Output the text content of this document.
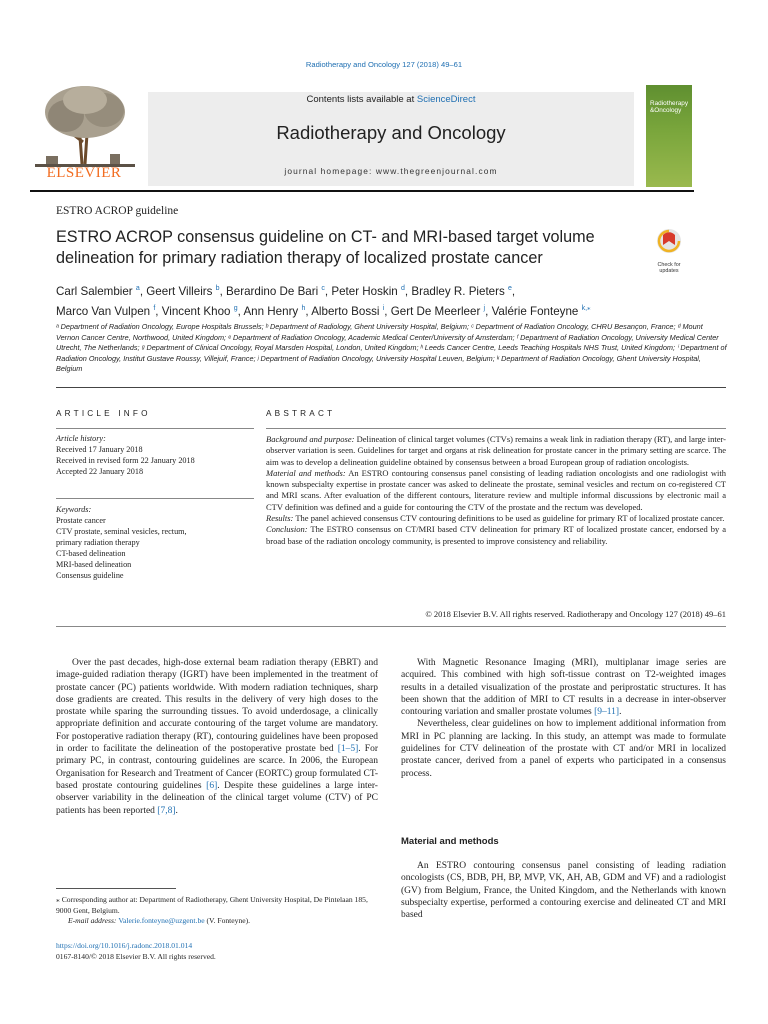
Radiotherapy and Oncology 127 (2018) 49–61
ELSEVIER
Contents lists available at ScienceDirect
Radiotherapy and Oncology
journal homepage: www.thegreenjournal.com
Radiotherapy
&Oncology
ESTRO ACROP guideline
ESTRO ACROP consensus guideline on CT- and MRI-based target volume
delineation for primary radiation therapy of localized prostate cancer	Check for updates
Carl Salembier $^a$, Geert Villeirs $^b$, Berardino De Bari $^c$, Peter Hoskin $^d$, Bradley R. Pieters $^e$,
Marco Van Vulpen $^f$, Vincent Khoo $^g$, Ann Henry $^h$, Alberto Bossi $^i$, Gert De Meerleer $^j$, Valérie Fonteyne $^{k,⁎}$
ᵃ Department of Radiation Oncology, Europe Hospitals Brussels; ᵇ Department of Radiology, Ghent University Hospital, Belgium; ᶜ Department of Radiation Oncology, CHRU Besançon, France; ᵈ Mount Vernon Cancer Centre, Northwood, United Kingdom; ᵉ Department of Radiation Oncology, Academic Medical Center/University of Amsterdam; ᶠ Department of Radiation Oncology, University Medical Center Utrecht, The Netherlands; ᵍ Department of Clinical Oncology, Royal Marsden Hospital, London, United Kingdom; ʰ Leeds Cancer Centre, Leeds Teaching Hospitals NHS Trust, United Kingdom; ⁱ Department of Radiation Oncology, Institut Gustave Roussy, Villejuif, France; ʲ Department of Radiation Oncology, University Hospital Leuven, Belgium; ᵏ Department of Radiation Oncology, Ghent University Hospital, Belgium
ARTICLE INFO
Article history:
Received 17 January 2018
Received in revised form 22 January 2018
Accepted 22 January 2018
Keywords:
Prostate cancer
CTV prostate, seminal vesicles, rectum,
primary radiation therapy
CT-based delineation
MRI-based delineation
Consensus guideline
ABSTRACT
Background and purpose: Delineation of clinical target volumes (CTVs) remains a weak link in radiation therapy (RT), and large inter-observer variation is seen. Guidelines for target and organs at risk delineation for prostate cancer in the primary setting are scarce. The aim was to develop a delineation guideline obtained by consensus between a broad European group of radiation oncologists.
Material and methods: An ESTRO contouring consensus panel consisting of leading radiation oncologists and one radiologist with known subspecialty expertise in prostate cancer was asked to delineate the prostate, seminal vesicles and rectum on co-registered CT and MRI scans. After evaluation of the different contours, literature review and multiple informal discussions by electronic mail a CTV definition was defined and a guide for contouring the CTV of the prostate and the rectum was developed.
Results: The panel achieved consensus CTV contouring definitions to be used as guideline for primary RT of localized prostate cancer.
Conclusion: The ESTRO consensus on CT/MRI based CTV delineation for primary RT of localized prostate cancer, endorsed by a broad base of the radiation oncology community, is presented to improve consistency and reliability.
© 2018 Elsevier B.V. All rights reserved. Radiotherapy and Oncology 127 (2018) 49–61

Over the past decades, high-dose external beam radiation therapy (EBRT) and image-guided radiation therapy (IGRT) have been implemented in the treatment of prostate cancer (PC) patients worldwide. With modern radiation techniques, sharp dose gradients are created. This results in the delivery of very high doses to the prostate while sparing the surrounding tissues. To avoid underdosage, a clinically appropriate definition and accurate contouring of the target volume are mandatory. For postoperative radiation therapy (RT), contouring guidelines have been proposed in order to facilitate the delineation of the postoperative prostate bed [1–5]. For primary PC, in contrast, contouring guidelines are scarce. In 2006, the European Organisation for Research and Treatment of Cancer (EORTC) group formulated CT-based prostate contouring guidelines [6]. Despite these guidelines a large inter-observer variability in the delineation of the clinical target volume (CTV) of PC patients has been reported [7,8].

⁎ Corresponding author at: Department of Radiotherapy, Ghent University Hospital, De Pintelaan 185, 9000 Gent, Belgium.
E-mail address: Valerie.fonteyne@uzgent.be (V. Fonteyne).
https://doi.org/10.1016/j.radonc.2018.01.014
0167-8140/© 2018 Elsevier B.V. All rights reserved.

With Magnetic Resonance Imaging (MRI), multiplanar image series are acquired. This combined with high soft-tissue contrast on T2-weighted images results in a detailed visualization of the prostate and periprostatic structures. It has been shown that the addition of MRI to CT results in a decrease in inter-observer contouring variation and smaller prostate volumes [9–11].

Nevertheless, clear guidelines on how to implement additional information from MRI in PC planning are lacking. In this study, an attempt was made to formulate guidelines for CTV delineation of the prostate with CT and/or MRI in localized prostate cancer, derived from a panel of experts who participated in a consensus process.

Material and methods

An ESTRO contouring consensus panel consisting of leading radiation oncologists (CS, BDB, PH, BP, MVP, VK, AH, AB, GDM and VF) and a radiologist (GV) from Belgium, France, the United Kingdom, and the Netherlands with known subspecialty expertise, performed a contouring exercise and delineated CT and MRI based
